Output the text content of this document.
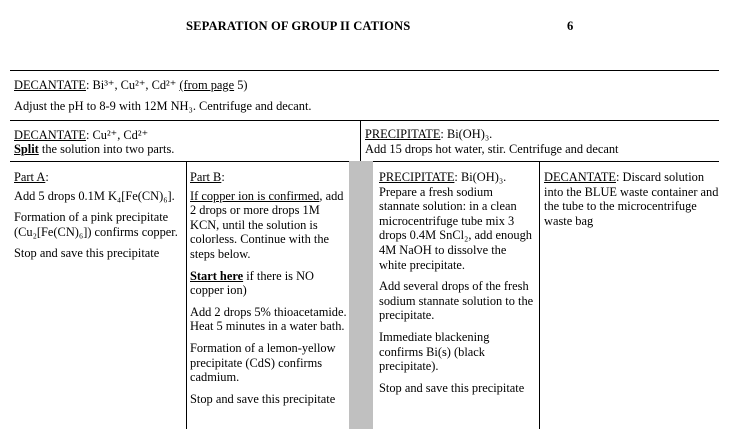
SEPARATION OF GROUP II CATIONS	6
DECANTATE: Bi³⁺, Cu²⁺, Cd²⁺ (from page 5)
Adjust the pH to 8-9 with 12M NH₃. Centrifuge and decant.
DECANTATE: Cu²⁺, Cd²⁺
Split the solution into two parts.
PRECIPITATE: Bi(OH)₃.
Add 15 drops hot water, stir. Centrifuge and decant

Part A:

Add 5 drops 0.1M K₄[Fe(CN)₆].

Formation of a pink precipitate (Cu₂[Fe(CN)₆]) confirms copper.

Stop and save this precipitate

Part B:

If copper ion is confirmed, add 2 drops or more drops 1M KCN, until the solution is colorless. Continue with the steps below.

Start here if there is NO copper ion)

Add 2 drops 5% thioacetamide. Heat 5 minutes in a water bath.

Formation of a lemon-yellow precipitate (CdS) confirms cadmium.

Stop and save this precipitate

PRECIPITATE: Bi(OH)₃.
Prepare a fresh sodium stannate solution: in a clean microcentrifuge tube mix 3 drops 0.4M SnCl₂, add enough 4M NaOH to dissolve the white precipitate.

Add several drops of the fresh sodium stannate solution to the precipitate.

Immediate blackening confirms Bi(s) (black precipitate).

Stop and save this precipitate

DECANTATE: Discard solution into the BLUE waste container and the tube to the microcentrifuge waste bag
